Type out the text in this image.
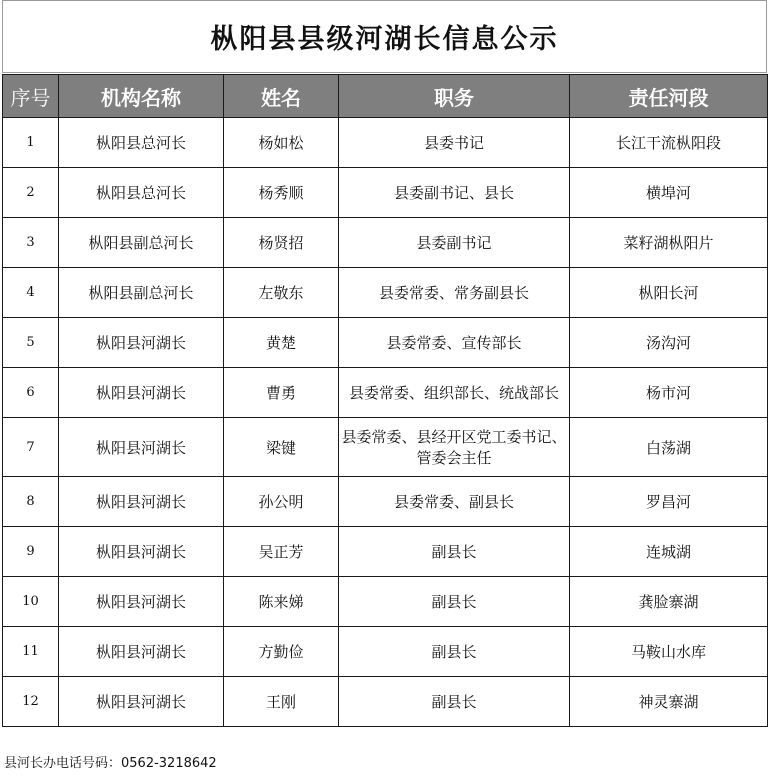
枞阳县县级河湖长信息公示
序号	机构名称	姓名	职务	责任河段
1	枞阳县总河长	杨如松	县委书记	长江干流枞阳段
2	枞阳县总河长	杨秀顺	县委副书记、县长	横埠河
3	枞阳县副总河长	杨贤招	县委副书记	菜籽湖枞阳片
4	枞阳县副总河长	左敬东	县委常委、常务副县长	枞阳长河
5	枞阳县河湖长	黄楚	县委常委、宣传部长	汤沟河
6	枞阳县河湖长	曹勇	县委常委、组织部长、统战部长	杨市河
7	枞阳县河湖长	梁键	县委常委、县经开区党工委书记、管委会主任	白荡湖
8	枞阳县河湖长	孙公明	县委常委、副县长	罗昌河
9	枞阳县河湖长	吴正芳	副县长	连城湖
10	枞阳县河湖长	陈来娣	副县长	龚脸寨湖
11	枞阳县河湖长	方勤俭	副县长	马鞍山水库
12	枞阳县河湖长	王刚	副县长	神灵寨湖
县河长办电话号码：0562-3218642
